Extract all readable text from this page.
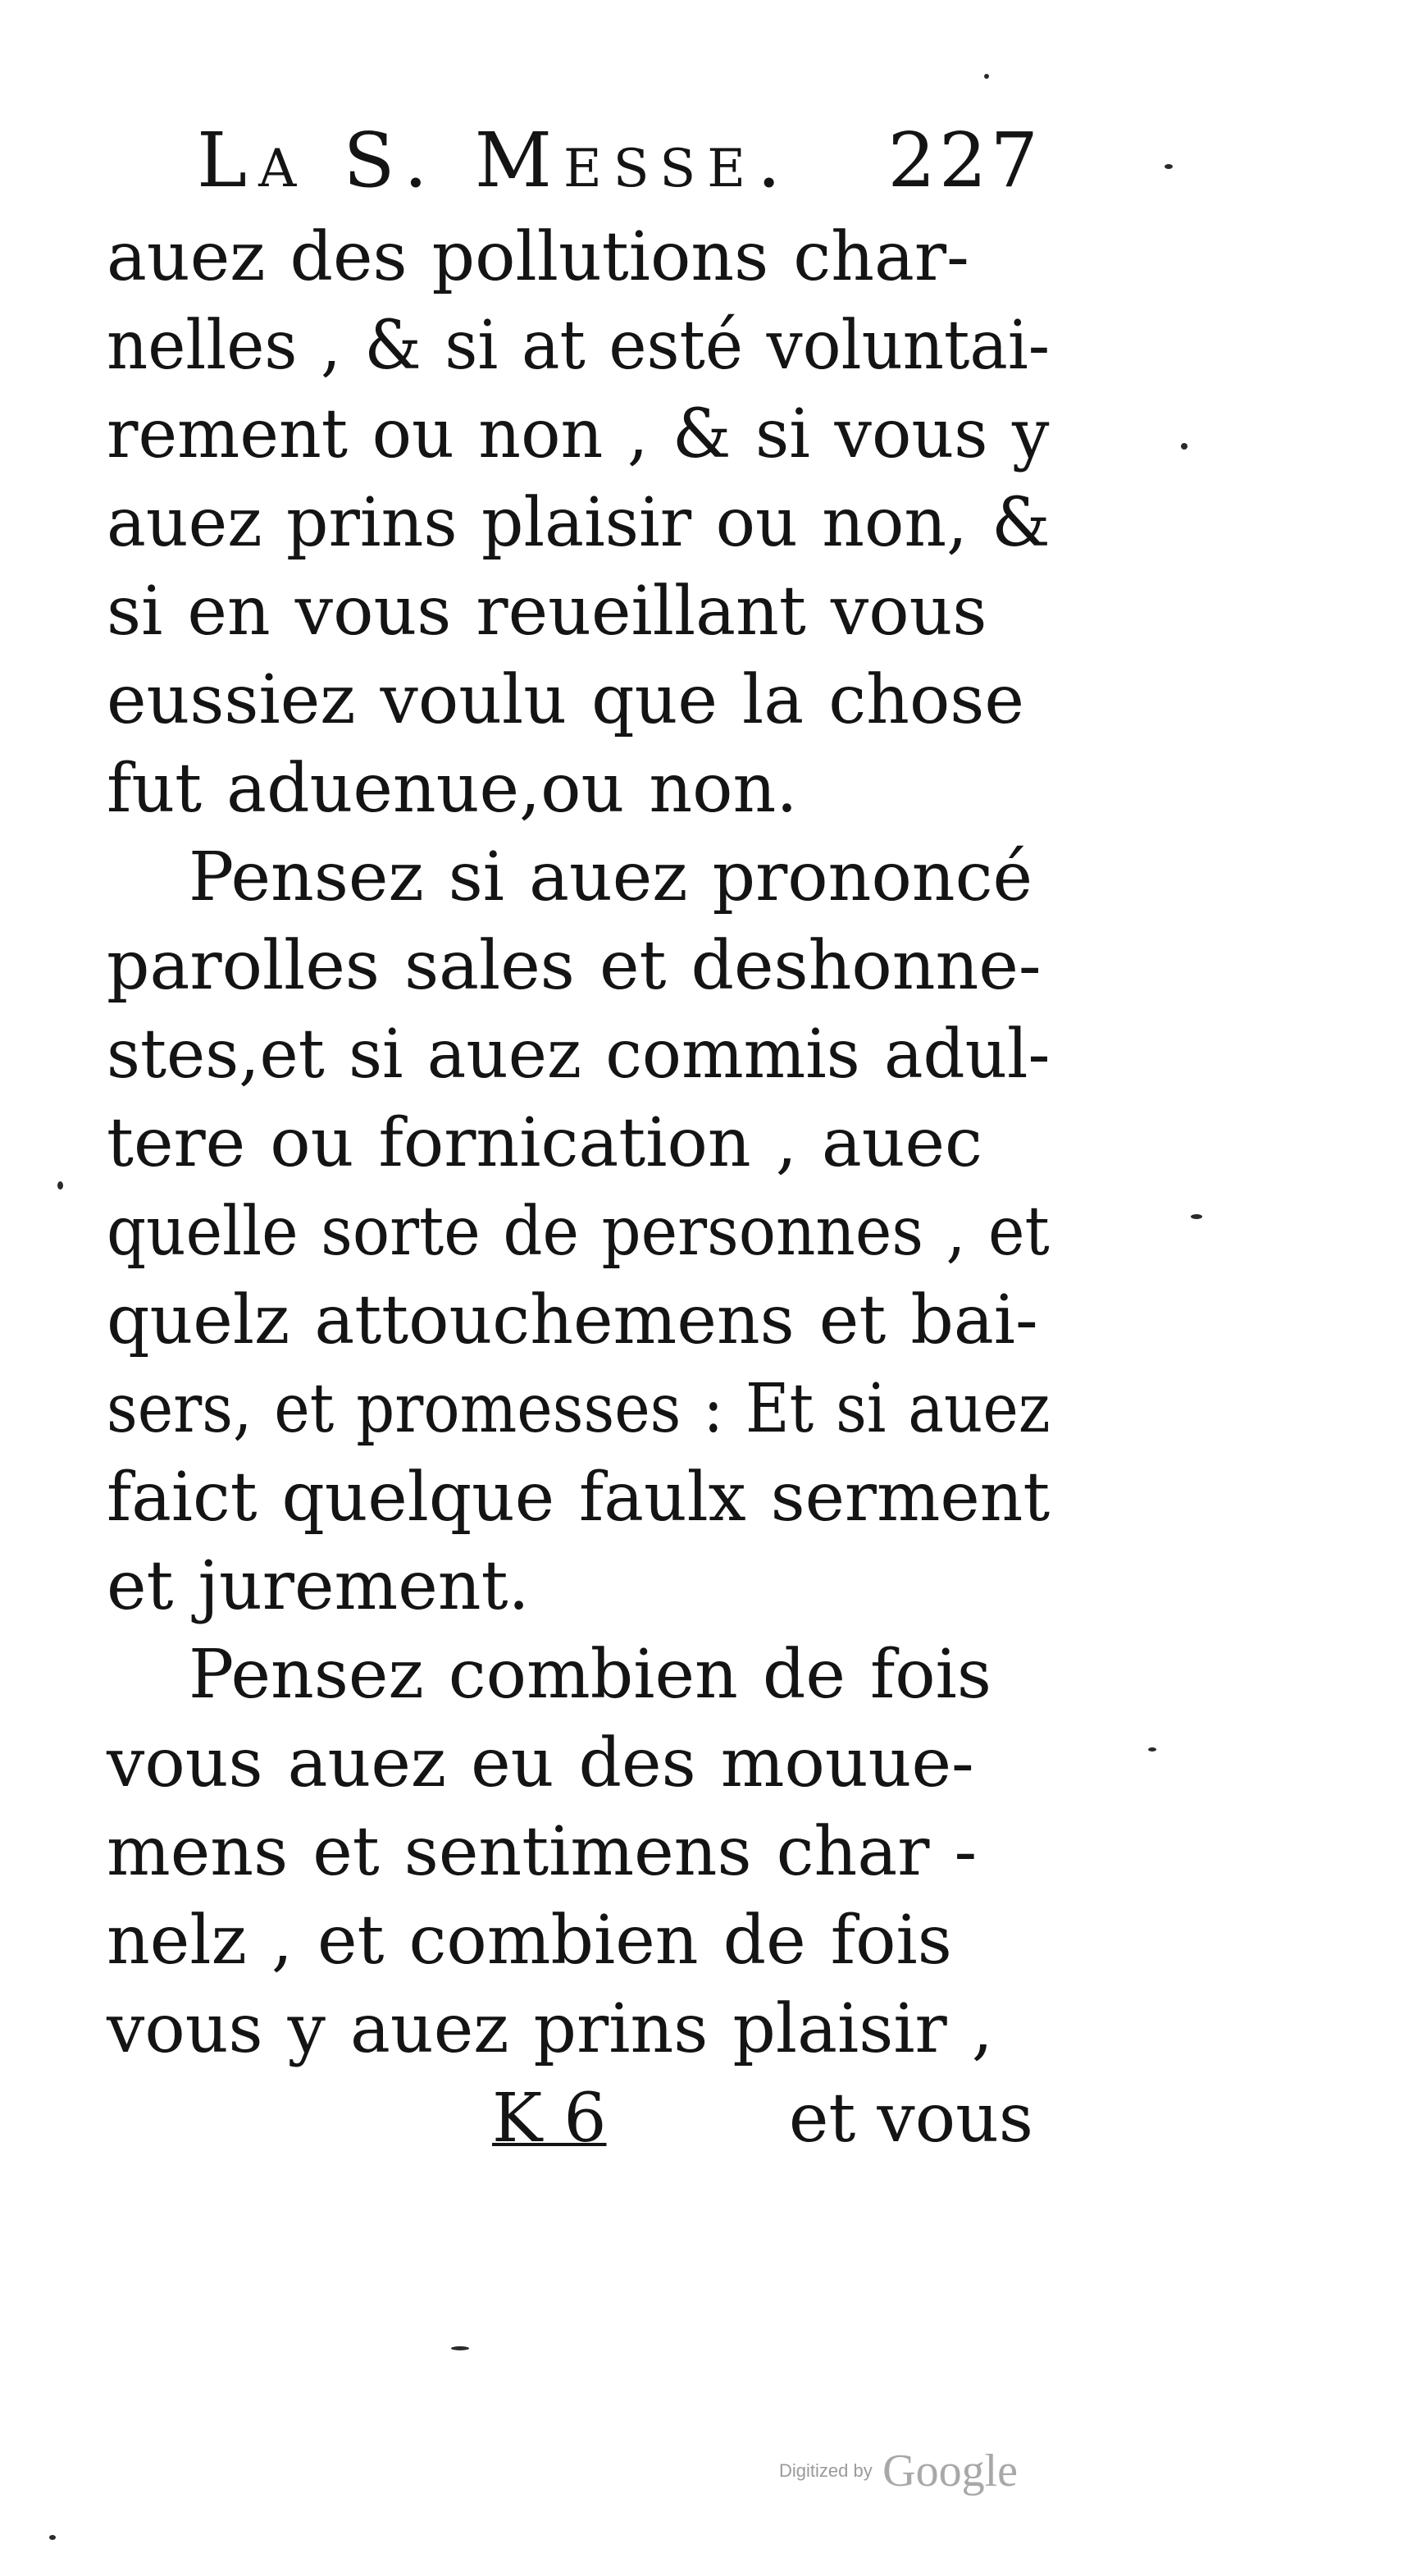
La S. Messe. 227
auez des pollutions char-
nelles , & si at esté voluntai-
rement ou non , & si vous y
auez prins plaisir ou non, &
si en vous reueillant vous
eussiez voulu que la chose
fut aduenue,ou non.
Pensez si auez prononcé
parolles sales et deshonne-
stes,et si auez commis adul-
tere ou fornication , auec
quelle sorte de personnes , et
quelz attouchemens et bai-
sers, et promesses : Et si auez
faict quelque faulx serment
et jurement.
Pensez combien de fois
vous auez eu des mouue-
mens et sentimens char -
nelz , et combien de fois
vous y auez prins plaisir ,
K 6	et vous
Digitized by Google
